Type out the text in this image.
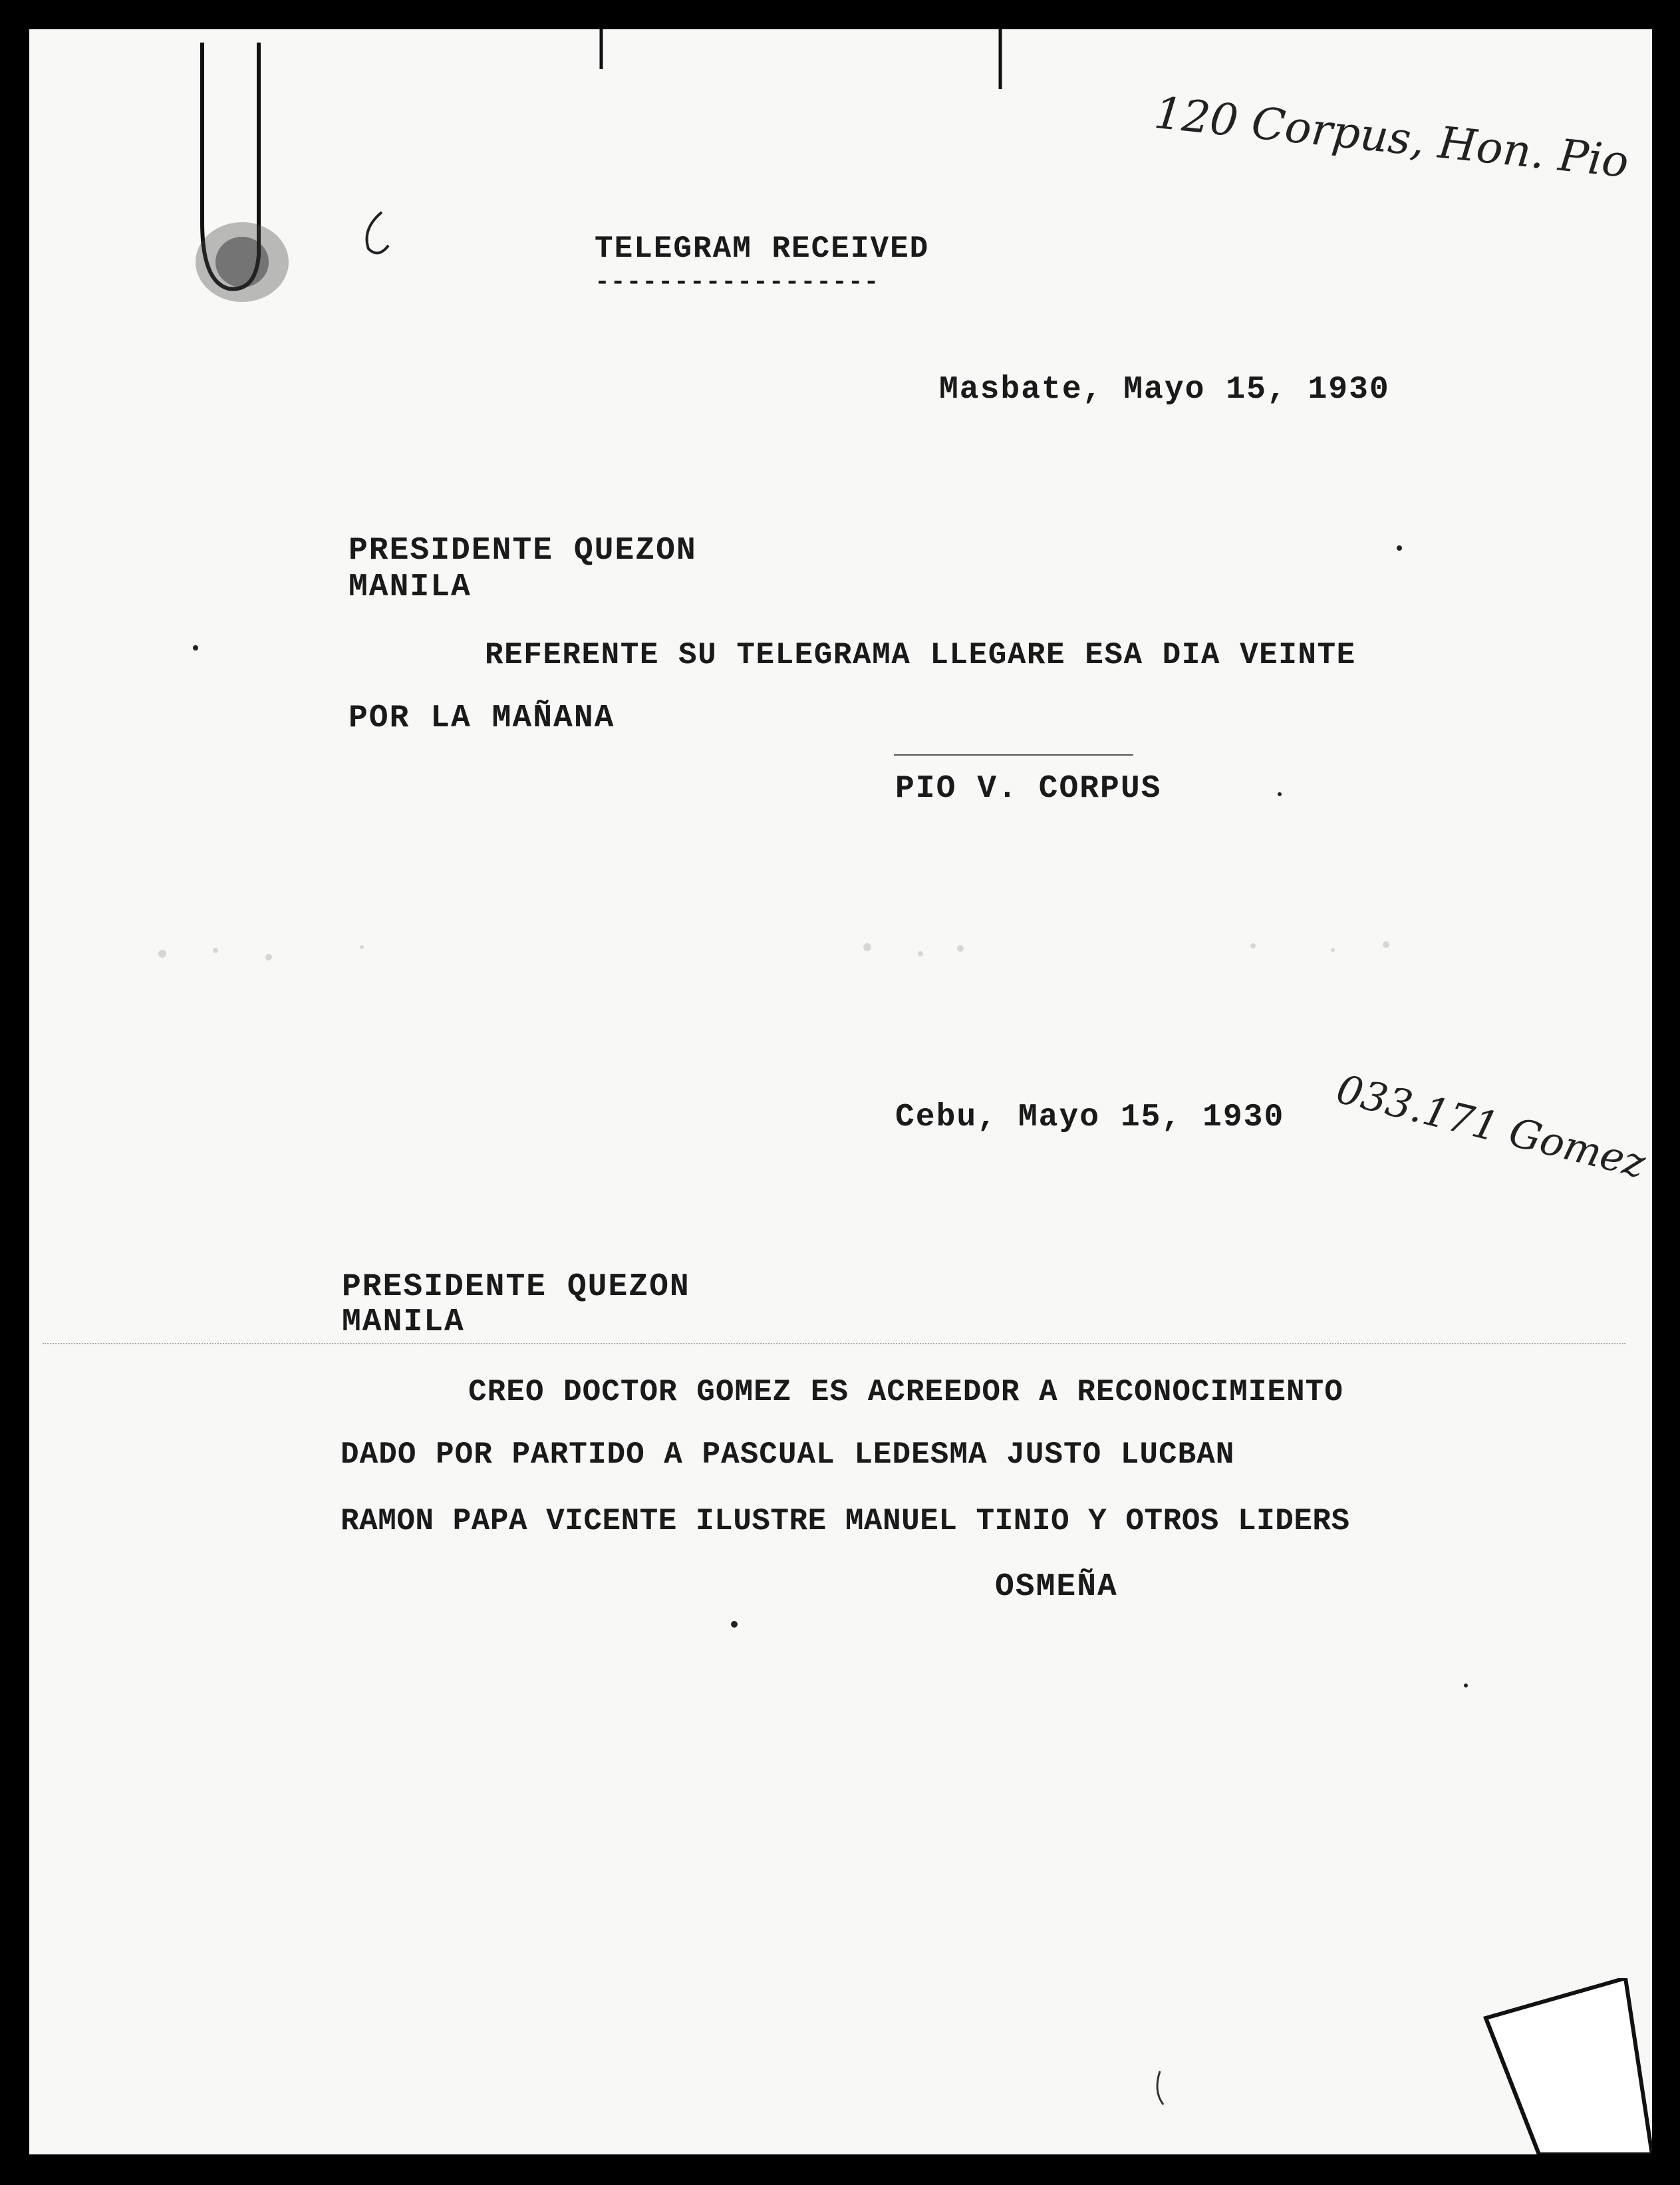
120 Corpus, Hon. Pio
TELEGRAM RECEIVED
------------------
Masbate, Mayo 15, 1930
PRESIDENTE QUEZON
MANILA
REFERENTE SU TELEGRAMA LLEGARE ESA DIA VEINTE
POR LA MAÑANA
PIO V. CORPUS
Cebu, Mayo 15, 1930 033.171 Gomez
PRESIDENTE QUEZON
MANILA
CREO DOCTOR GOMEZ ES ACREEDOR A RECONOCIMIENTO
DADO POR PARTIDO A PASCUAL LEDESMA JUSTO LUCBAN
RAMON PAPA VICENTE ILUSTRE MANUEL TINIO Y OTROS LIDERS
OSMEÑA
